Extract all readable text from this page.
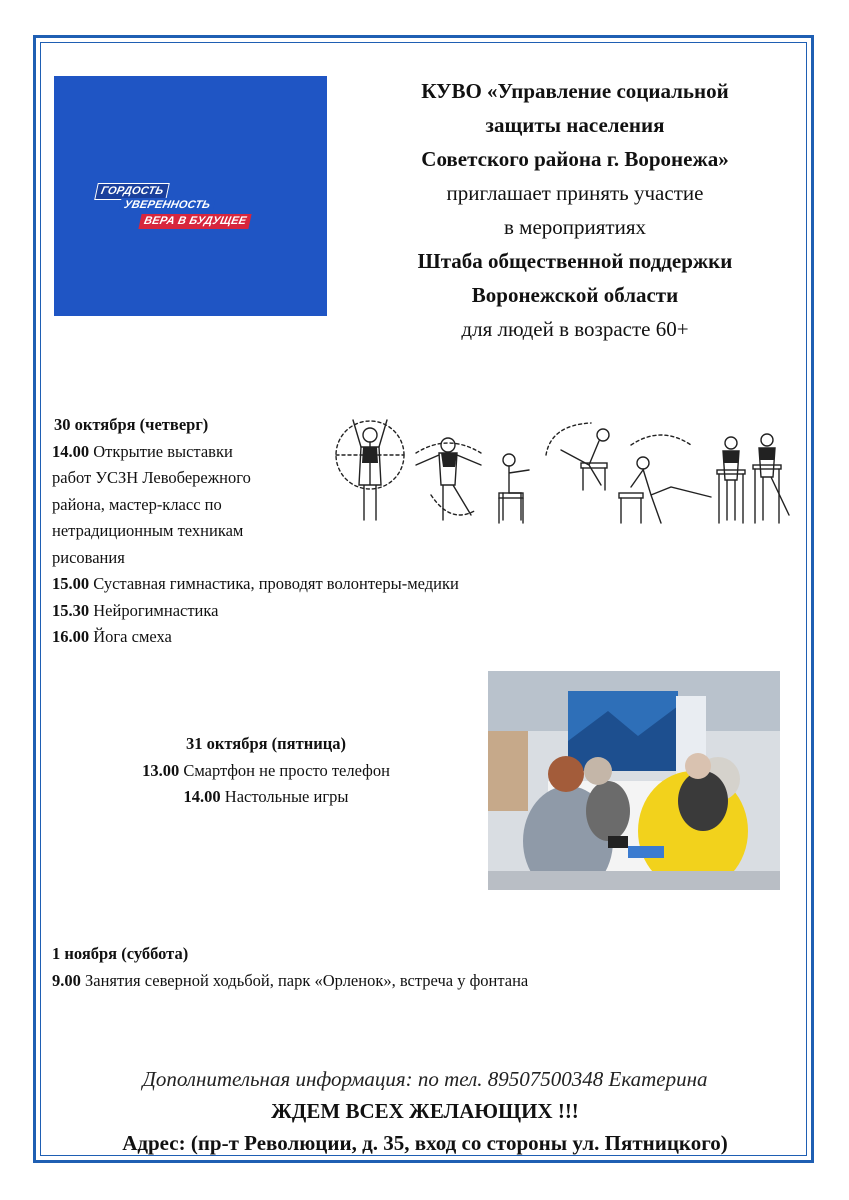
ГОРДОСТЬ
УВЕРЕННОСТЬ
ВЕРА В БУДУЩЕЕ
КУВО «Управление социальной
защиты населения
Советского района г. Воронежа»
приглашает принять участие
в мероприятиях
Штаба общественной поддержки
Воронежской области
для людей в возрасте 60+
30 октября (четверг)
14.00 Открытие выставки
работ УСЗН Левобережного
района, мастер-класс по
нетрадиционным техникам
рисования
15.00 Суставная гимнастика, проводят волонтеры-медики
15.30 Нейрогимнастика
16.00 Йога смеха
31 октября (пятница)
13.00 Смартфон не просто телефон
14.00 Настольные игры
1 ноября (суббота)
9.00 Занятия северной ходьбой, парк «Орленок», встреча у фонтана
Дополнительная информация: по тел. 89507500348 Екатерина
ЖДЕМ ВСЕХ ЖЕЛАЮЩИХ !!!
Адрес: (пр-т Революции, д. 35, вход со стороны ул. Пятницкого)
